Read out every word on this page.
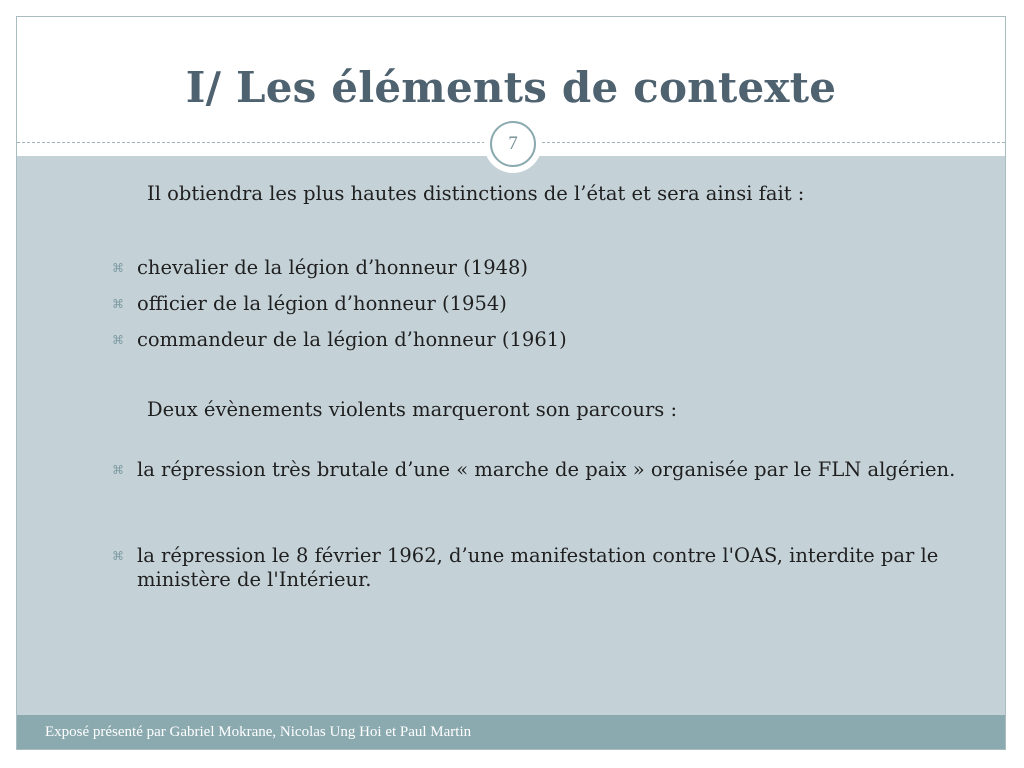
I/ Les éléments de contexte
Il obtiendra les plus hautes distinctions de l’état et sera ainsi fait :
⌘ chevalier de la légion d’honneur (1948)
⌘ officier de la légion d’honneur (1954)
⌘ commandeur de la légion d’honneur (1961)
Deux évènements violents marqueront son parcours :
⌘ la répression très brutale d’une « marche de paix » organisée par le FLN algérien.
⌘ la répression le 8 février 1962, d’une manifestation contre l'OAS, interdite par le ministère de l'Intérieur.
7
Exposé présenté par Gabriel Mokrane, Nicolas Ung Hoi et Paul Martin
